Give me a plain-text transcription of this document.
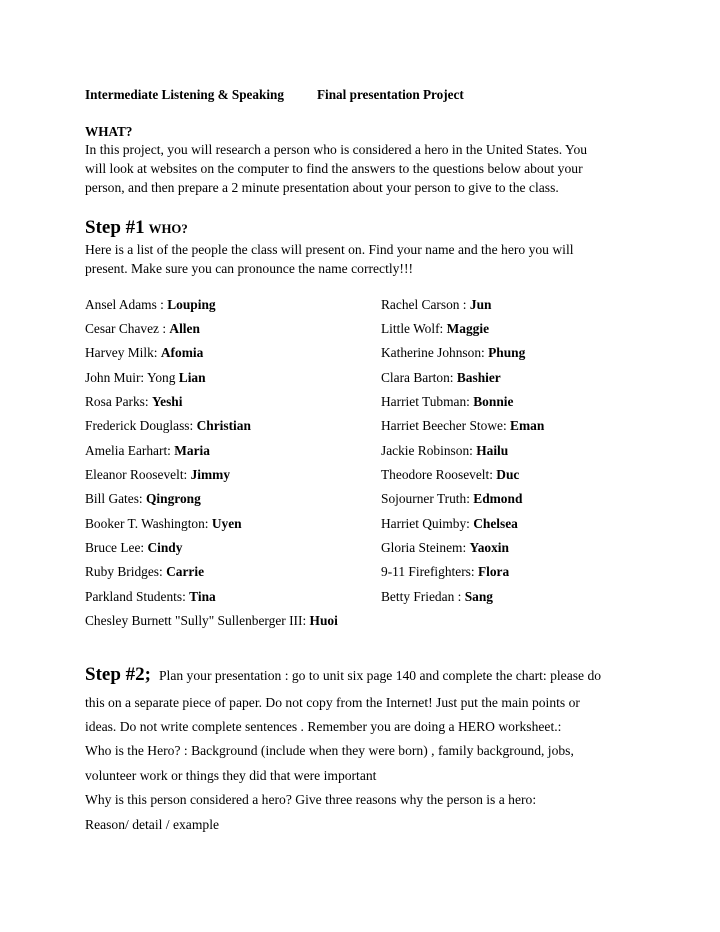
Intermediate Listening & Speaking	Final presentation Project
WHAT?
In this project, you will research a person who is considered a hero in the United States. You
will look at websites on the computer to find the answers to the questions below about your
person, and then prepare a 2 minute presentation about your person to give to the class.
Step #1 WHO?
Here is a list of the people the class will present on. Find your name and the hero you will
present. Make sure you can pronounce the name correctly!!!
Ansel Adams : Louping
Cesar Chavez : Allen
Harvey Milk: Afomia
John Muir: Yong Lian
Rosa Parks: Yeshi
Frederick Douglass: Christian
Amelia Earhart: Maria
Eleanor Roosevelt: Jimmy
Bill Gates: Qingrong
Booker T. Washington: Uyen
Bruce Lee: Cindy
Ruby Bridges: Carrie
Parkland Students: Tina
Chesley Burnett "Sully" Sullenberger III: Huoi
Rachel Carson : Jun
Little Wolf: Maggie
Katherine Johnson: Phung
Clara Barton: Bashier
Harriet Tubman: Bonnie
Harriet Beecher Stowe: Eman
Jackie Robinson: Hailu
Theodore Roosevelt: Duc
Sojourner Truth: Edmond
Harriet Quimby: Chelsea
Gloria Steinem: Yaoxin
9-11 Firefighters: Flora
Betty Friedan : Sang
Step #2; Plan your presentation : go to unit six page 140 and complete the chart: please do
this on a separate piece of paper. Do not copy from the Internet! Just put the main points or
ideas. Do not write complete sentences . Remember you are doing a HERO worksheet.:
Who is the Hero? : Background (include when they were born) , family background, jobs,
volunteer work or things they did that were important
Why is this person considered a hero? Give three reasons why the person is a hero:
Reason/ detail / example
